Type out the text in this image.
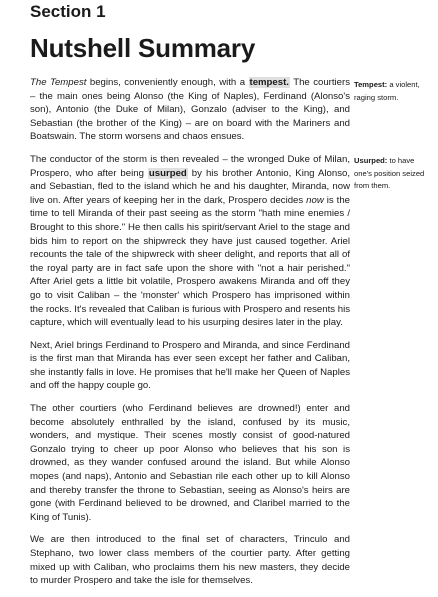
Section 1
Nutshell Summary

The Tempest begins, conveniently enough, with a tempest. The courtiers – the main ones being Alonso (the King of Naples), Ferdinand (Alonso's son), Antonio (the Duke of Milan), Gonzalo (adviser to the King), and Sebastian (the brother of the King) – are on board with the Mariners and Boatswain. The storm worsens and chaos ensues.

The conductor of the storm is then revealed – the wronged Duke of Milan, Prospero, who after being usurped by his brother Antonio, King Alonso, and Sebastian, fled to the island which he and his daughter, Miranda, now live on. After years of keeping her in the dark, Prospero decides now is the time to tell Miranda of their past seeing as the storm "hath mine enemies / Brought to this shore." He then calls his spirit/servant Ariel to the stage and bids him to report on the shipwreck they have just caused together. Ariel recounts the tale of the shipwreck with sheer delight, and reports that all of the royal party are in fact safe upon the shore with "not a hair perished." After Ariel gets a little bit volatile, Prospero awakens Miranda and off they go to visit Caliban – the 'monster' which Prospero has imprisoned within the rocks. It's revealed that Caliban is furious with Prospero and resents his capture, which will eventually lead to his usurping desires later in the play.

Next, Ariel brings Ferdinand to Prospero and Miranda, and since Ferdinand is the first man that Miranda has ever seen except her father and Caliban, she instantly falls in love. He promises that he'll make her Queen of Naples and off the happy couple go.

The other courtiers (who Ferdinand believes are drowned!) enter and become absolutely enthralled by the island, confused by its music, wonders, and mystique. Their scenes mostly consist of good-natured Gonzalo trying to cheer up poor Alonso who believes that his son is drowned, as they wander confused around the island. But while Alonso mopes (and naps), Antonio and Sebastian rile each other up to kill Alonso and thereby transfer the throne to Sebastian, seeing as Alonso's heirs are gone (with Ferdinand believed to be drowned, and Claribel married to the King of Tunis).

We are then introduced to the final set of characters, Trinculo and Stephano, two lower class members of the courtier party. After getting mixed up with Caliban, who proclaims them his new masters, they decide to murder Prospero and take the isle for themselves.

Tempest: a violent, raging storm.
Usurped: to have one's position seized from them.
